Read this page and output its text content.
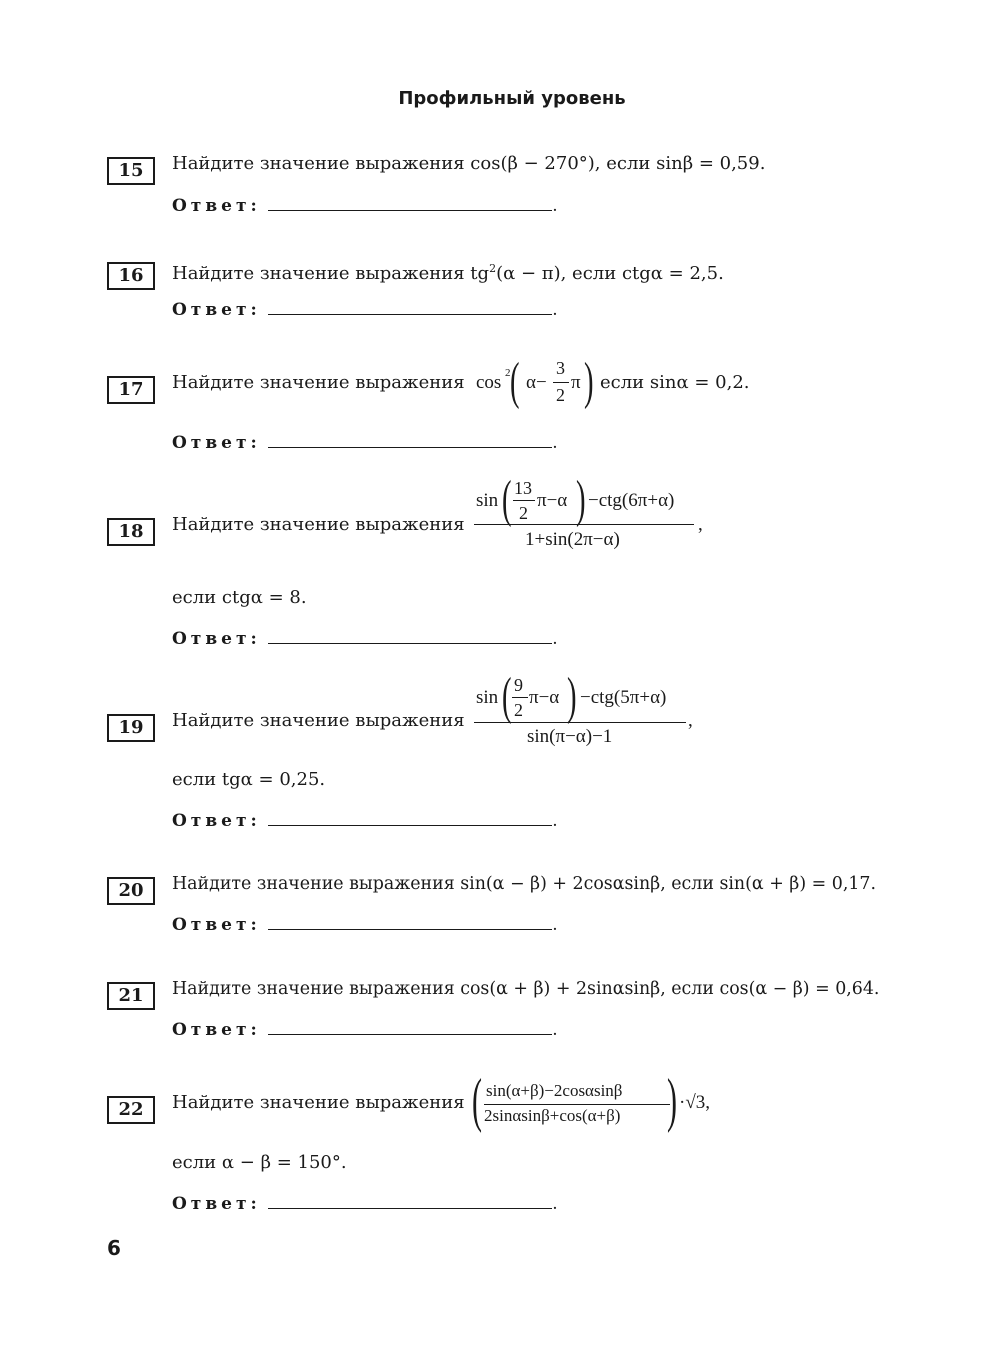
Профильный уровень
15	Найдите значение выражения cos(β − 270°), если sinβ = 0,59.
Ответ:	.
16	Найдите значение выражения $tg^2(\alpha - \pi)$, если ctgα = 2,5.
Ответ:	.
17	Найдите значение выражения cos 2 ( α−
3
2
π ) если sinα = 0,2.
Ответ:	.
18	Найдите значение выражения
sin ( 13
2
π−α ) −ctg(6π+α)
1+sin(2π−α)
,
если ctgα = 8.
Ответ:	.
19	Найдите значение выражения
sin ( 9
2
π−α ) −ctg(5π+α)
sin(π−α)−1
,
если tgα = 0,25.
Ответ:	.
20	Найдите значение выражения sin(α − β) + 2cosαsinβ, если sin(α + β) = 0,17.
Ответ:	.
21	Найдите значение выражения cos(α + β) + 2sinαsinβ, если cos(α − β) = 0,64.
Ответ:	.
22	Найдите значение выражения ( sin(α+β)−2cosαsinβ
2sinαsinβ+cos(α+β) ) ·√3,
если α − β = 150°.
Ответ:	.
6
